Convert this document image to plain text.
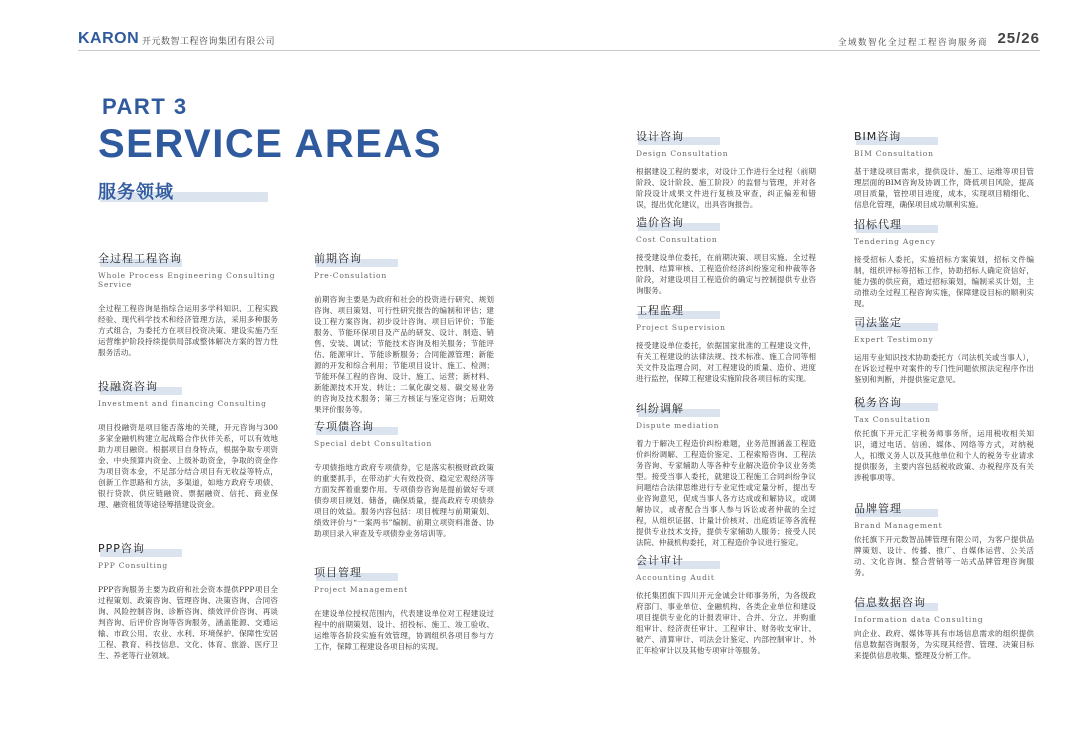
KARON 开元数智工程咨询集团有限公司	全域数智化全过程工程咨询服务商 25/26
PART 3
SERVICE AREAS
服务领域
全过程工程咨询
Whole Process Engineering Consulting Service
全过程工程咨询是指综合运用多学科知识、工程实践经验、现代科学技术和经济管理方法，采用多种服务方式组合，为委托方在项目投资决策、建设实施乃至运营维护阶段持续提供局部或整体解决方案的智力性服务活动。
投融资咨询
Investment and financing Consulting
项目投融资是项目能否落地的关键，开元咨询与300多家金融机构建立起战略合作伙伴关系，可以有效地助力项目融资。根据项目自身特点，根据争取专项资金、中央预算内资金、上级补助资金，争取的资金作为项目资本金，不足部分结合项目有无收益等特点，创新工作思路和方法，多渠道，如地方政府专项债、银行贷款、供应链融资、票据融资、信托、商业保理、融资租赁等途径筹措建设资金。
PPP咨询
PPP Consulting
PPP咨询服务主要为政府和社会资本提供PPP项目全过程策划、政策咨询、管理咨询、决策咨询、合同咨询、风险控制咨询、诊断咨询、绩效评价咨询、再谈判咨询、后评价咨询等咨询服务，涵盖能源、交通运输、市政公用、农业、水利、环境保护、保障性安居工程、教育、科技信息、文化、体育、旅游、医疗卫生、养老等行业领域。
前期咨询
Pre-Consulation
前期咨询主要是为政府和社会的投资进行研究、规划咨询、项目策划、可行性研究报告的编制和评估；建设工程方案咨询、初步设计咨询、项目后评价；节能服务、节能环保项目及产品的研发、设计、制造、销售、安装、调试；节能技术咨询及相关服务；节能评估、能源审计、节能诊断服务；合同能源管理；新能源的开发和综合利用；节能项目设计、施工、检测；节能环保工程的咨询、设计、施工、运营；新材料、新能源技术开发、转让；二氧化碳交易、碳交易业务的咨询及技术服务；第三方核证与鉴定咨询；后期效果评价服务等。
专项债咨询
Special debt Consultation
专项债指地方政府专项债券，它是落实积极财政政策的重要抓手，在带动扩大有效投资、稳定宏观经济等方面发挥着重要作用。专项债券咨询是提前做好专项债券项目规划、储备，确保质量，提高政府专项债券项目的效益。服务内容包括：项目梳理与前期策划、绩效评价与“一案两书”编制、前期立项资料准备、协助项目录入审查及专项债券业务培训等。
项目管理
Project Management
在建设单位授权范围内，代表建设单位对工程建设过程中的前期策划、设计、招投标、施工、竣工验收、运维等各阶段实施有效管理，协调组织各项目参与方工作，保障工程建设各项目标的实现。
设计咨询
Design Consultation
根据建设工程的要求，对设计工作进行全过程（前期阶段、设计阶段、施工阶段）的监督与管理，并对各阶段设计成果文件进行复核及审查，纠正偏差和错误，提出优化建议，出具咨询报告。
造价咨询
Cost Consultation
接受建设单位委托，在前期决策、项目实施、全过程控制、结算审核、工程造价经济纠纷鉴定和仲裁等各阶段，对建设项目工程造价的确定与控制提供专业咨询服务。
工程监理
Project Supervision
接受建设单位委托，依据国家批准的工程建设文件，有关工程建设的法律法规、技术标准、施工合同等相关文件及监理合同，对工程建设的质量、造价、进度进行监控，保障工程建设实施阶段各项目标的实现。
纠纷调解
Dispute mediation
着力于解决工程造价纠纷难题，业务范围涵盖工程造价纠纷调解、工程造价鉴定、工程索赔咨询、工程法务咨询、专家辅助人等各种专业解决造价争议业务类型。接受当事人委托，就建设工程施工合同纠纷争议问题结合法律思维进行专业定性或定量分析，提出专业咨询意见，促成当事人各方达成或和解协议，或调解协议，或者配合当事人参与诉讼或者仲裁的全过程，从组织证据、计量计价核对、出庭质证等各流程提供专业技术支持，提供专家辅助人服务；接受人民法院、仲裁机构委托，对工程造价争议进行鉴定。
会计审计
Accounting Audit
依托集团旗下四川开元金诚会计师事务所，为各级政府部门、事业单位、金融机构、各类企业单位和建设项目提供专业化的计报表审计、合并、分立、并购重组审计、经济责任审计、工程审计、财务收支审计、破产、清算审计、司法会计鉴定、内部控制审计、外汇年检审计以及其他专项审计等服务。
BIM咨询
BIM Consultation
基于建设项目需求，提供设计、施工、运维等项目管理层面的BIM咨询及协调工作，降低项目风险，提高项目质量，管控项目进度，成本，实现项目精细化、信息化管理，确保项目成功顺利实施。
招标代理
Tendering Agency
接受招标人委托，实施招标方案策划，招标文件编制，组织评标等招标工作，协助招标人确定资信好，能力强的供应商，通过招标策划，编制采买计划，主动推动全过程工程咨询实施，保障建设目标的顺利实现。
司法鉴定
Expert Testimony
运用专业知识技术协助委托方（司法机关或当事人），在诉讼过程中对案件的专门性问题依照法定程序作出鉴别和判断，并提供鉴定意见。
税务咨询
Tax Consultation
依托旗下开元汇字税务师事务所，运用税收相关知识，通过电话、信函、媒体、网络等方式，对纳税人，扣缴义务人以及其他单位和个人的税务专业请求提供服务，主要内容包括税收政策、办税程序及有关涉税事项等。
品牌管理
Brand Management
依托旗下开元数智品牌管理有限公司，为客户提供品牌策划、设计、传播、推广、自媒体运营、公关活动、文化咨询、整合营销等一站式品牌管理咨询服务。
信息数据咨询
Information data Consulting
向企业、政府、媒体等具有市场信息需求的组织提供信息数据咨询服务，为实现其经营、管理、决策目标来提供信息收集、整理及分析工作。
